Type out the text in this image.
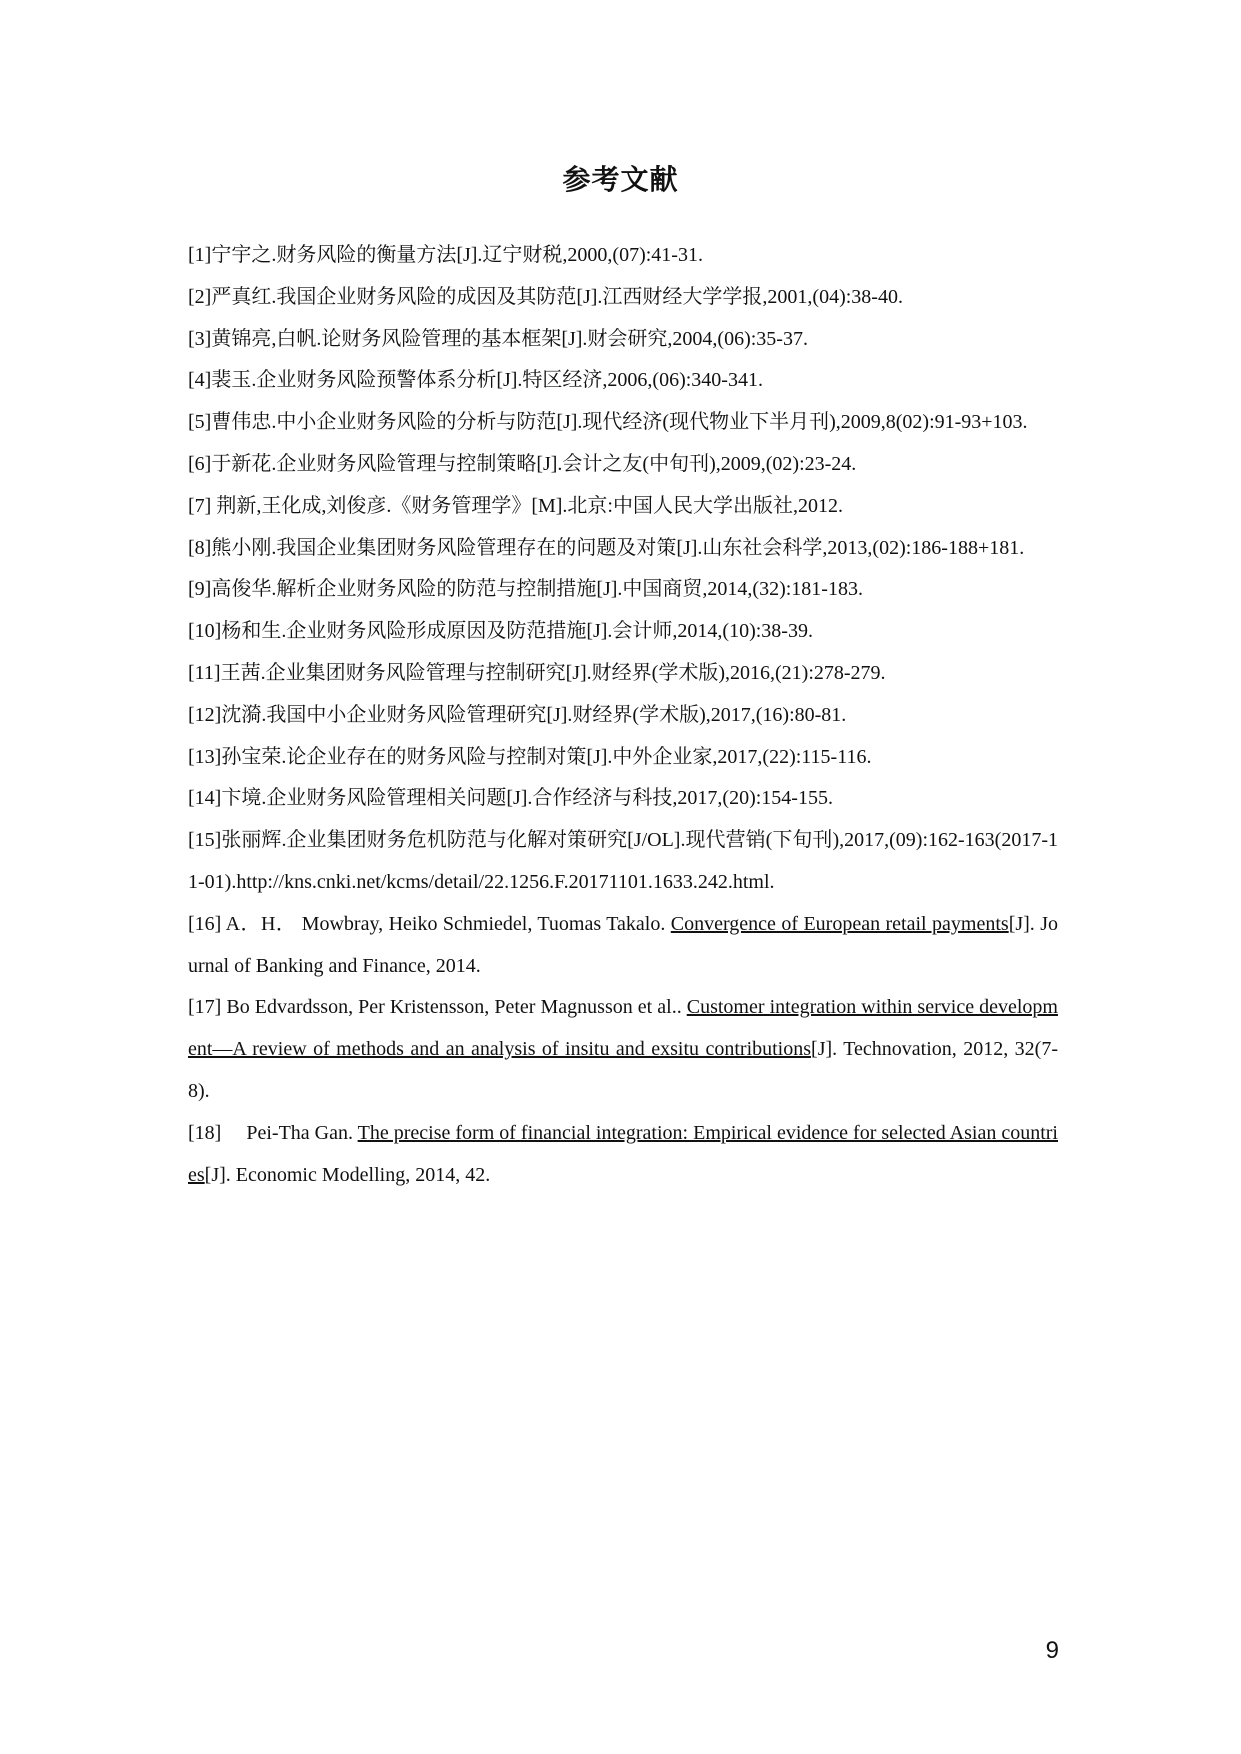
参考文献

[1]宁宇之.财务风险的衡量方法[J].辽宁财税,2000,(07):41-31.

[2]严真红.我国企业财务风险的成因及其防范[J].江西财经大学学报,2001,(04):38-40.

[3]黄锦亮,白帆.论财务风险管理的基本框架[J].财会研究,2004,(06):35-37.

[4]裴玉.企业财务风险预警体系分析[J].特区经济,2006,(06):340-341.

[5]曹伟忠.中小企业财务风险的分析与防范[J].现代经济(现代物业下半月刊),2009,8(02):91-93+103.

[6]于新花.企业财务风险管理与控制策略[J].会计之友(中旬刊),2009,(02):23-24.

[7] 荆新,王化成,刘俊彦.《财务管理学》[M].北京:中国人民大学出版社,2012.

[8]熊小刚.我国企业集团财务风险管理存在的问题及对策[J].山东社会科学,2013,(02):186-188+181.

[9]高俊华.解析企业财务风险的防范与控制措施[J].中国商贸,2014,(32):181-183.

[10]杨和生.企业财务风险形成原因及防范措施[J].会计师,2014,(10):38-39.

[11]王茜.企业集团财务风险管理与控制研究[J].财经界(学术版),2016,(21):278-279.

[12]沈漪.我国中小企业财务风险管理研究[J].财经界(学术版),2017,(16):80-81.

[13]孙宝荣.论企业存在的财务风险与控制对策[J].中外企业家,2017,(22):115-116.

[14]卞境.企业财务风险管理相关问题[J].合作经济与科技,2017,(20):154-155.

[15]张丽辉.企业集团财务危机防范与化解对策研究[J/OL].现代营销(下旬刊),2017,(09):162-163(2017-11-01).http://kns.cnki.net/kcms/detail/22.1256.F.20171101.1633.242.html.

[16] A．H． Mowbray, Heiko Schmiedel, Tuomas Takalo. Convergence of European retail payments[J]. Journal of Banking and Finance, 2014.

[17] Bo Edvardsson, Per Kristensson, Peter Magnusson et al.. Customer integration within service development—A review of methods and an analysis of insitu and exsitu contributions[J]. Technovation, 2012, 32(7-8).

[18]     Pei-Tha Gan. The precise form of financial integration: Empirical evidence for selected Asian countries[J]. Economic Modelling, 2014, 42.

9
